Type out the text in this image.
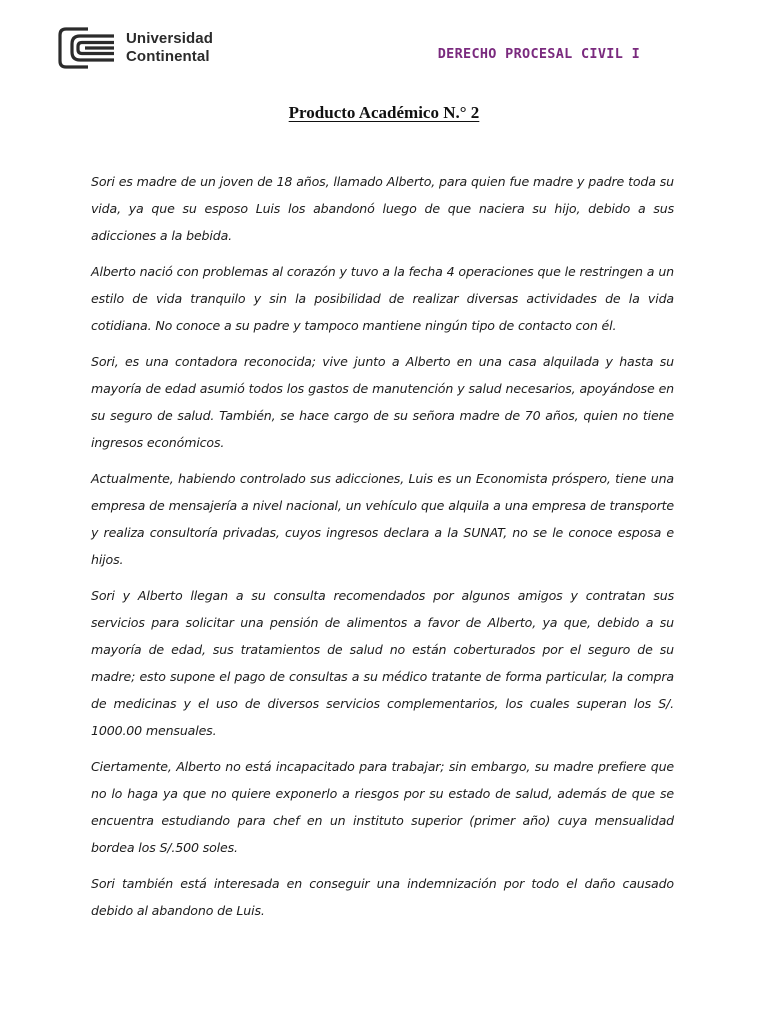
Universidad
Continental	DERECHO PROCESAL CIVIL I
Producto Académico N.° 2

Sori es madre de un joven de 18 años, llamado Alberto, para quien fue madre y padre toda su vida, ya que su esposo Luis los abandonó luego de que naciera su hijo, debido a sus adicciones a la bebida.

Alberto nació con problemas al corazón y tuvo a la fecha 4 operaciones que le restringen a un estilo de vida tranquilo y sin la posibilidad de realizar diversas actividades de la vida cotidiana. No conoce a su padre y tampoco mantiene ningún tipo de contacto con él.

Sori, es una contadora reconocida; vive junto a Alberto en una casa alquilada y hasta su mayoría de edad asumió todos los gastos de manutención y salud necesarios, apoyándose en su seguro de salud. También, se hace cargo de su señora madre de 70 años, quien no tiene ingresos económicos.

Actualmente, habiendo controlado sus adicciones, Luis es un Economista próspero, tiene una empresa de mensajería a nivel nacional, un vehículo que alquila a una empresa de transporte y realiza consultoría privadas, cuyos ingresos declara a la SUNAT, no se le conoce esposa e hijos.

Sori y Alberto llegan a su consulta recomendados por algunos amigos y contratan sus servicios para solicitar una pensión de alimentos a favor de Alberto, ya que, debido a su mayoría de edad, sus tratamientos de salud no están coberturados por el seguro de su madre; esto supone el pago de consultas a su médico tratante de forma particular, la compra de medicinas y el uso de diversos servicios complementarios, los cuales superan los S/. 1000.00 mensuales.

Ciertamente, Alberto no está incapacitado para trabajar; sin embargo, su madre prefiere que no lo haga ya que no quiere exponerlo a riesgos por su estado de salud, además de que se encuentra estudiando para chef en un instituto superior (primer año) cuya mensualidad bordea los S/.500 soles.

Sori también está interesada en conseguir una indemnización por todo el daño causado debido al abandono de Luis.
